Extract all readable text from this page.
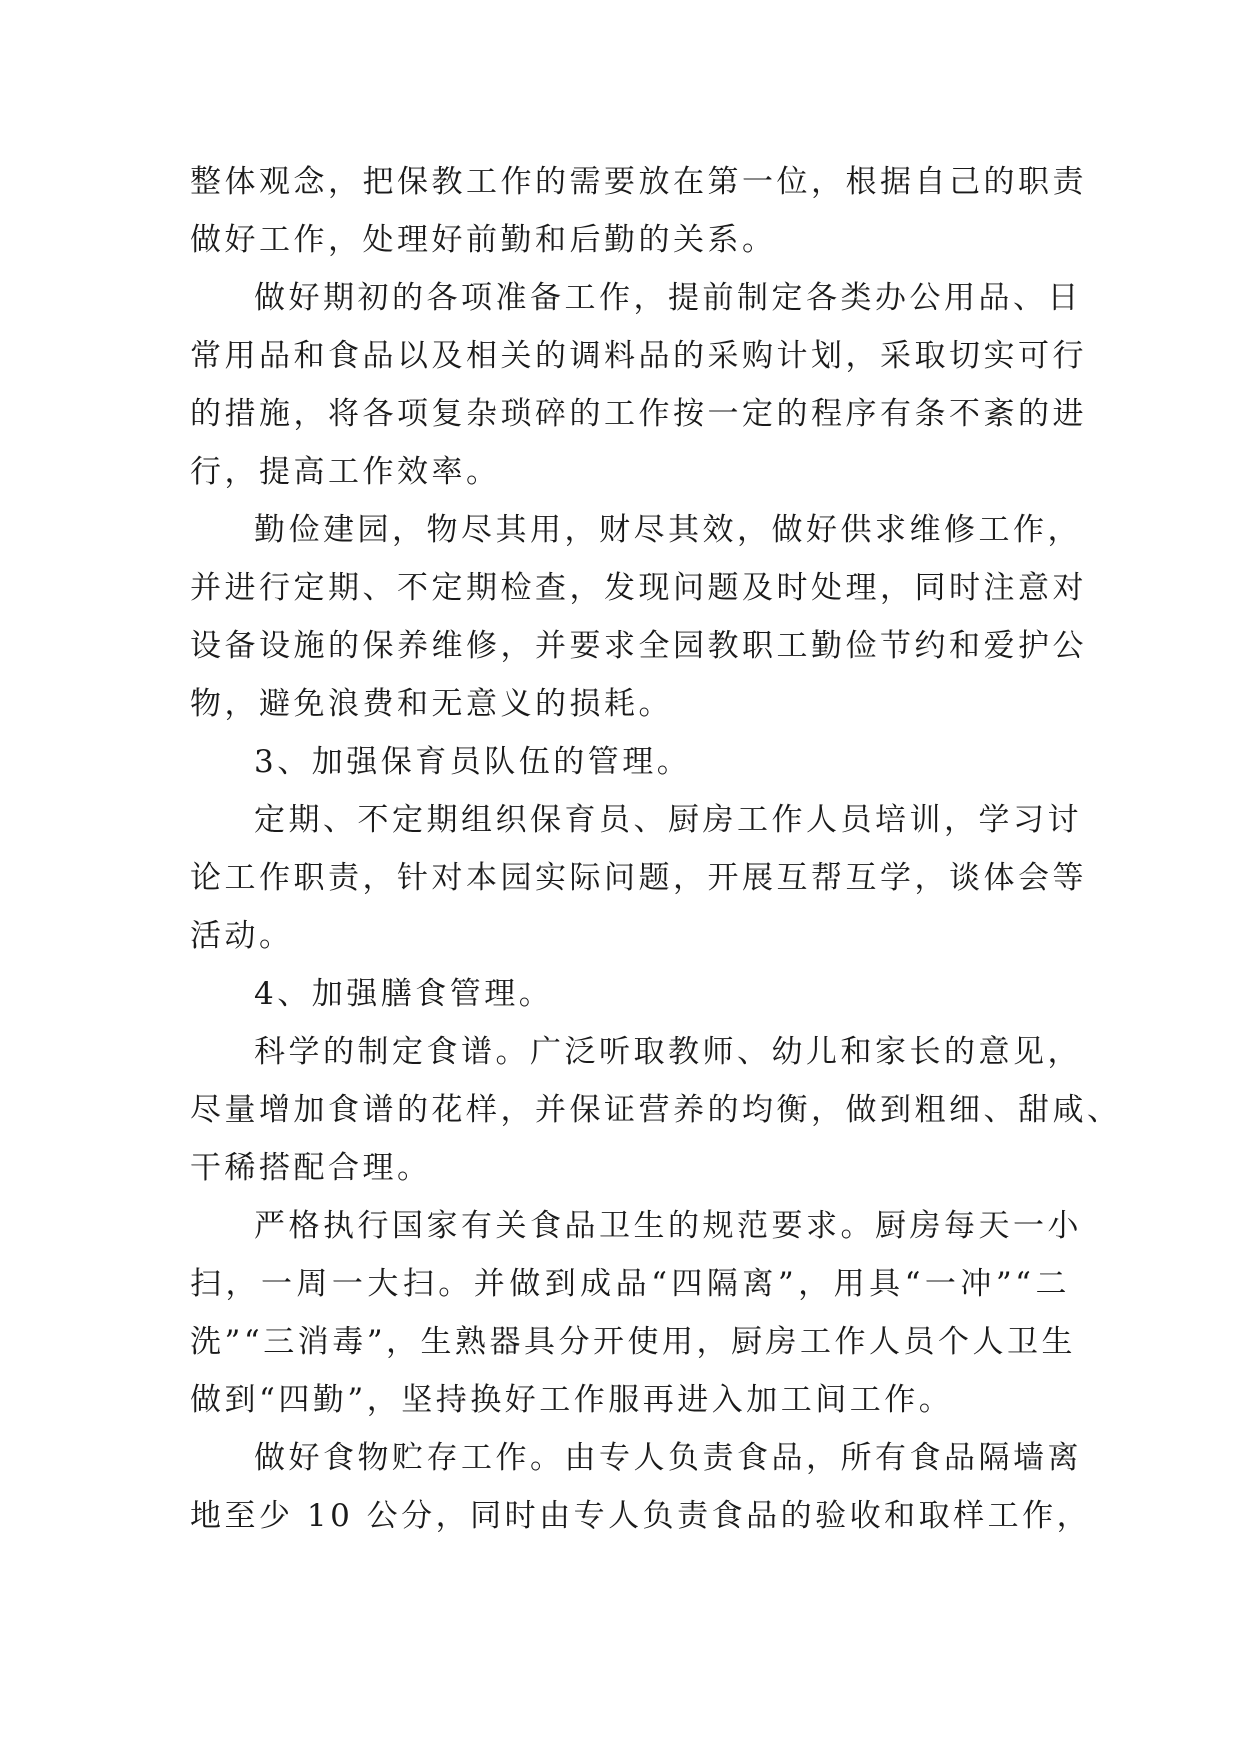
整体观念，把保教工作的需要放在第一位，根据自己的职责
做好工作，处理好前勤和后勤的关系。
做好期初的各项准备工作，提前制定各类办公用品、日
常用品和食品以及相关的调料品的采购计划，采取切实可行
的措施，将各项复杂琐碎的工作按一定的程序有条不紊的进
行，提高工作效率。
勤俭建园，物尽其用，财尽其效，做好供求维修工作，
并进行定期、不定期检查，发现问题及时处理，同时注意对
设备设施的保养维修，并要求全园教职工勤俭节约和爱护公
物，避免浪费和无意义的损耗。
3、加强保育员队伍的管理。
定期、不定期组织保育员、厨房工作人员培训，学习讨
论工作职责，针对本园实际问题，开展互帮互学，谈体会等
活动。
4、加强膳食管理。
科学的制定食谱。广泛听取教师、幼儿和家长的意见，
尽量增加食谱的花样，并保证营养的均衡，做到粗细、甜咸、
干稀搭配合理。
严格执行国家有关食品卫生的规范要求。厨房每天一小
扫，一周一大扫。并做到成品“四隔离”，用具“一冲”“二
洗”“三消毒”，生熟器具分开使用，厨房工作人员个人卫生
做到“四勤”，坚持换好工作服再进入加工间工作。
做好食物贮存工作。由专人负责食品，所有食品隔墙离
地至少 10 公分，同时由专人负责食品的验收和取样工作，
